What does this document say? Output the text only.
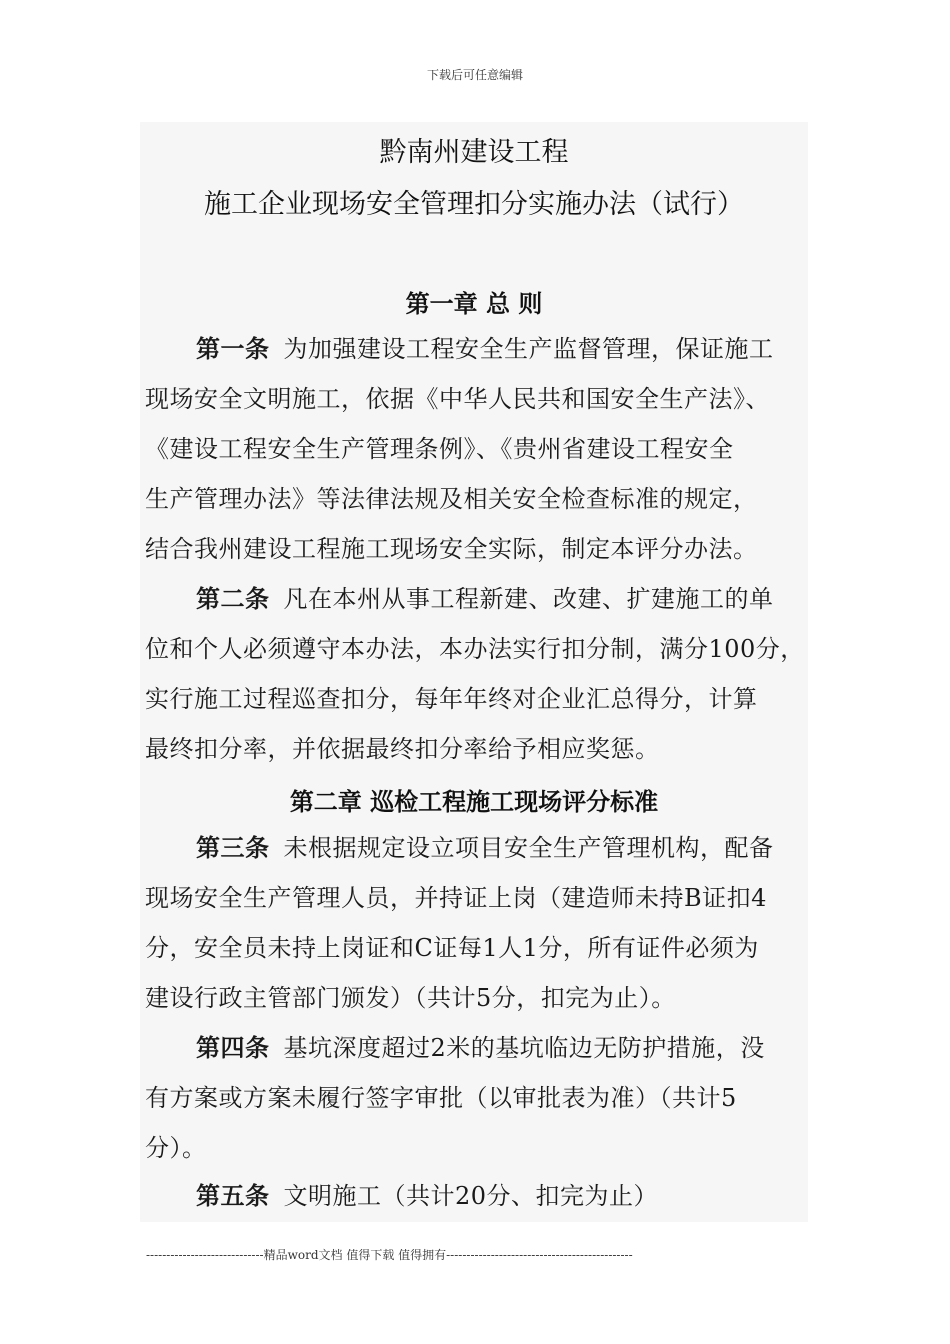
下载后可任意编辑
黔南州建设工程
施工企业现场安全管理扣分实施办法（试行）
第一章 总 则
第一条 为加强建设工程安全生产监督管理，保证施工
现场安全文明施工，依据《中华人民共和国安全生产法》、
《建设工程安全生产管理条例》、《贵州省建设工程安全
生产管理办法》等法律法规及相关安全检查标准的规定，
结合我州建设工程施工现场安全实际，制定本评分办法。
第二条 凡在本州从事工程新建、改建、扩建施工的单
位和个人必须遵守本办法，本办法实行扣分制，满分100分，
实行施工过程巡查扣分，每年年终对企业汇总得分，计算
最终扣分率，并依据最终扣分率给予相应奖惩。
第二章 巡检工程施工现场评分标准
第三条 未根据规定设立项目安全生产管理机构，配备
现场安全生产管理人员，并持证上岗（建造师未持B证扣4
分，安全员未持上岗证和C证每1人1分，所有证件必须为
建设行政主管部门颁发）（共计5分，扣完为止）。
第四条 基坑深度超过2米的基坑临边无防护措施，没
有方案或方案未履行签字审批（以审批表为准）（共计5
分）。
第五条 文明施工（共计20分、扣完为止）
-----------------------------精品word文档 值得下载 值得拥有----------------------------------------------
